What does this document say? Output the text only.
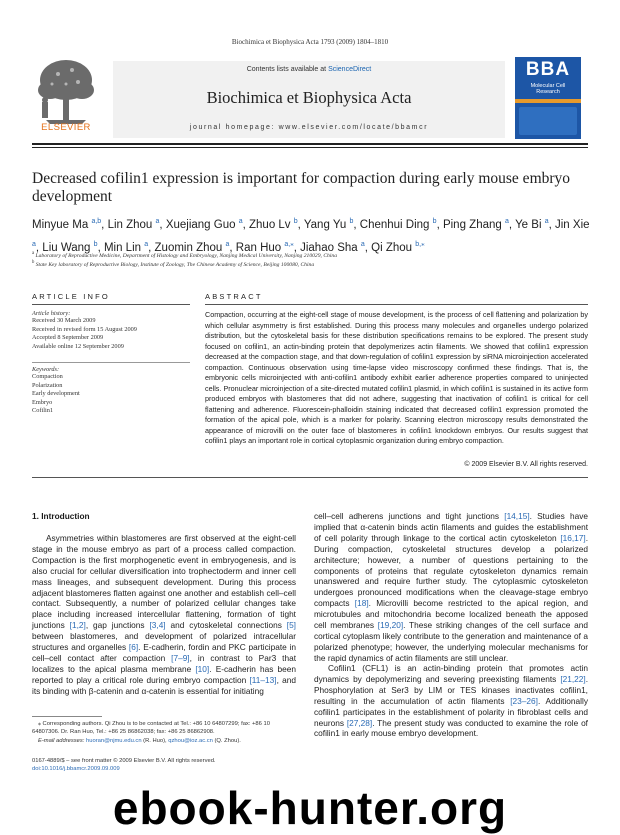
Biochimica et Biophysica Acta 1793 (2009) 1804–1810
ELSEVIER
Contents lists available at ScienceDirect
Biochimica et Biophysica Acta
journal homepage: www.elsevier.com/locate/bbamcr
BBA
Molecular Cell Research
Decreased cofilin1 expression is important for compaction during early mouse embryo development
Minyue Ma $^{a,b}$, Lin Zhou $^a$, Xuejiang Guo $^a$, Zhuo Lv $^b$, Yang Yu $^b$, Chenhui Ding $^b$, Ping Zhang $^a$, Ye Bi $^a$, Jin Xie $^a$, Liu Wang $^b$, Min Lin $^a$, Zuomin Zhou $^a$, Ran Huo $^{a,⁎}$, Jiahao Sha $^a$, Qi Zhou $^{b,⁎}$
$^a$ Laboratory of Reproductive Medicine, Department of Histology and Embryology, Nanjing Medical University, Nanjing 210029, China
$^b$ State Key laboratory of Reproductive Biology, Institute of Zoology, The Chinese Academy of Science, Beijing 100080, China
ARTICLE INFO
Article history:
Received 30 March 2009
Received in revised form 15 August 2009
Accepted 8 September 2009
Available online 12 September 2009
Keywords:
Compaction
Polarization
Early development
Embryo
Cofilin1
ABSTRACT
Compaction, occurring at the eight-cell stage of mouse development, is the process of cell flattening and polarization by which cellular asymmetry is first established. During this process many molecules and organelles undergo polarized distribution, but the cytoskeletal basis for these distribution specifications remains to be explored. The present study focused on cofilin1, an actin-binding protein that depolymerizes actin filaments. We showed that cofilin1 expression decreased at the compaction stage, and that down-regulation of cofilin1 expression by siRNA microinjection accelerated compaction. Continuous observation using time-lapse video miscroscopy confirmed these findings. That is, the embryonic cells microinjected with anti-cofilin1 antibody exhibit earlier adherence properties compared to uninjected cells. Pronuclear microinjection of a site-directed mutated cofilin1 plasmid, in which cofilin1 is sustained in its active form produced embryos with blastomeres that did not adhere, suggesting that inactivation of cofilin1 is critical for cell flattening and adherence. Fluorescein-phalloidin staining indicated that decreased cofilin1 expression promoted the formation of the apical pole, which is a marker for polarity. Scanning electron microscopy results demonstrated the appearance of microvilli on the outer face of blastomeres in cofilin1 knockdown embryos. Our results suggest that cofilin1 plays an important role in cortical cytoplasmic organization during embryo compaction.
© 2009 Elsevier B.V. All rights reserved.
1. Introduction
Asymmetries within blastomeres are first observed at the eight-cell stage in the mouse embryo as part of a process called compaction. Compaction is the first morphogenetic event in embryogenesis, and is also crucial for cellular diversification into trophectoderm and inner cell mass lineages, and subsequent development. During this process adjacent blastomeres flatten against one another and establish cell–cell contact. Subsequently, a number of polarized cellular changes take place including increased intercellular flattening, formation of tight junctions [1,2], gap junctions [3,4] and cytoskeletal connections [5] between blastomeres, and development of polarized intracellular structures and organelles [6]. E-cadherin, fordin and PKC participate in cell–cell contact after compaction [7–9], in contrast to Par3 that localizes to the apical plasma membrane [10]. E-cadherin has been reported to play a critical role during embryo compaction [11–13], and its binding with β-catenin and α-catenin is essential for initiating
cell–cell adherens junctions and tight junctions [14,15]. Studies have implied that α-catenin binds actin filaments and guides the establishment of cell polarity through linkage to the cortical actin cytoskeleton [16,17]. During compaction, cytoskeletal structures develop a polarized architecture; however, a number of questions pertaining to the components of proteins that regulate cytoskeleton dynamics remain unanswered and require further study. The cytoplasmic cytoskeleton undergoes pronounced modifications when the cleavage-stage embryo compacts [18]. Microvilli become restricted to the apical region, and microtubules and mitochondria become localized beneath the apposed cell membranes [19,20]. These striking changes of the cell surface and cortical cytoplasm likely contribute to the generation and maintenance of a polarized phenotype; however, the underlying molecular mechanisms for the rapid dynamics of actin filaments are still unclear.
Cofilin1 (CFL1) is an actin-binding protein that promotes actin dynamics by depolymerizing and severing preexisting filaments [21,22]. Phosphorylation at Ser3 by LIM or TES kinases inactivates cofilin1, resulting in the accumulation of actin filaments [23–26]. Additionally cofilin1 participates in the establishment of polarity in fibroblast cells and neurons [27,28]. The present study was conducted to examine the role of cofilin1 in early mouse embryo development.
⁎ Corresponding authors. Qi Zhou is to be contacted at Tel.: +86 10 64807299; fax: +86 10 64807306. Dr. Ran Huo, Tel.: +86 25 86862038; fax: +86 25 86862908.
E-mail addresses: huoran@njmu.edu.cn (R. Huo), qzhou@ioz.ac.cn (Q. Zhou).
0167-4889/$ – see front matter © 2009 Elsevier B.V. All rights reserved.
doi:10.1016/j.bbamcr.2009.09.009
ebook-hunter.org
